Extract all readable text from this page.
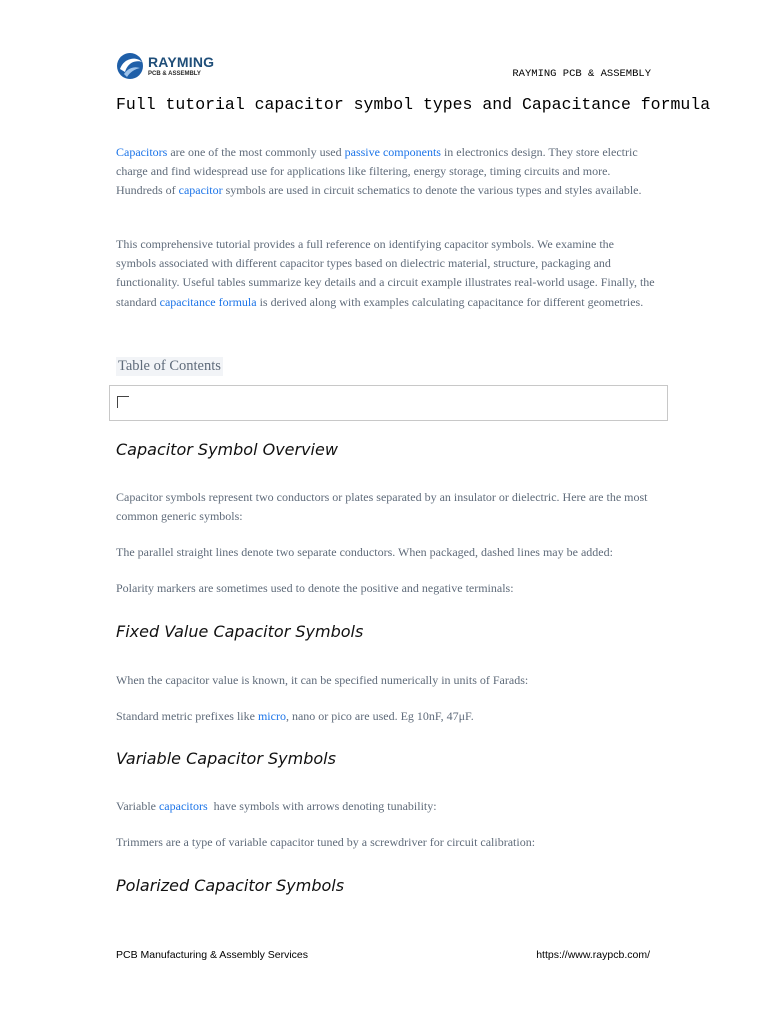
RAYMING
PCB & ASSEMBLY	RAYMING PCB & ASSEMBLY
Full tutorial capacitor symbol types and Capacitance formula

Capacitors are one of the most commonly used passive components in electronics design. They store electric charge and find widespread use for applications like filtering, energy storage, timing circuits and more. Hundreds of capacitor symbols are used in circuit schematics to denote the various types and styles available.

This comprehensive tutorial provides a full reference on identifying capacitor symbols. We examine the symbols associated with different capacitor types based on dielectric material, structure, packaging and functionality. Useful tables summarize key details and a circuit example illustrates real-world usage. Finally, the standard capacitance formula is derived along with examples calculating capacitance for different geometries.

Table of Contents

Capacitor Symbol Overview

Capacitor symbols represent two conductors or plates separated by an insulator or dielectric. Here are the most common generic symbols:

The parallel straight lines denote two separate conductors. When packaged, dashed lines may be added:

Polarity markers are sometimes used to denote the positive and negative terminals:

Fixed Value Capacitor Symbols

When the capacitor value is known, it can be specified numerically in units of Farads:

Standard metric prefixes like micro, nano or pico are used. Eg 10nF, 47μF.

Variable Capacitor Symbols

Variable capacitors  have symbols with arrows denoting tunability:

Trimmers are a type of variable capacitor tuned by a screwdriver for circuit calibration:

Polarized Capacitor Symbols
PCB Manufacturing & Assembly Services	https://www.raypcb.com/
